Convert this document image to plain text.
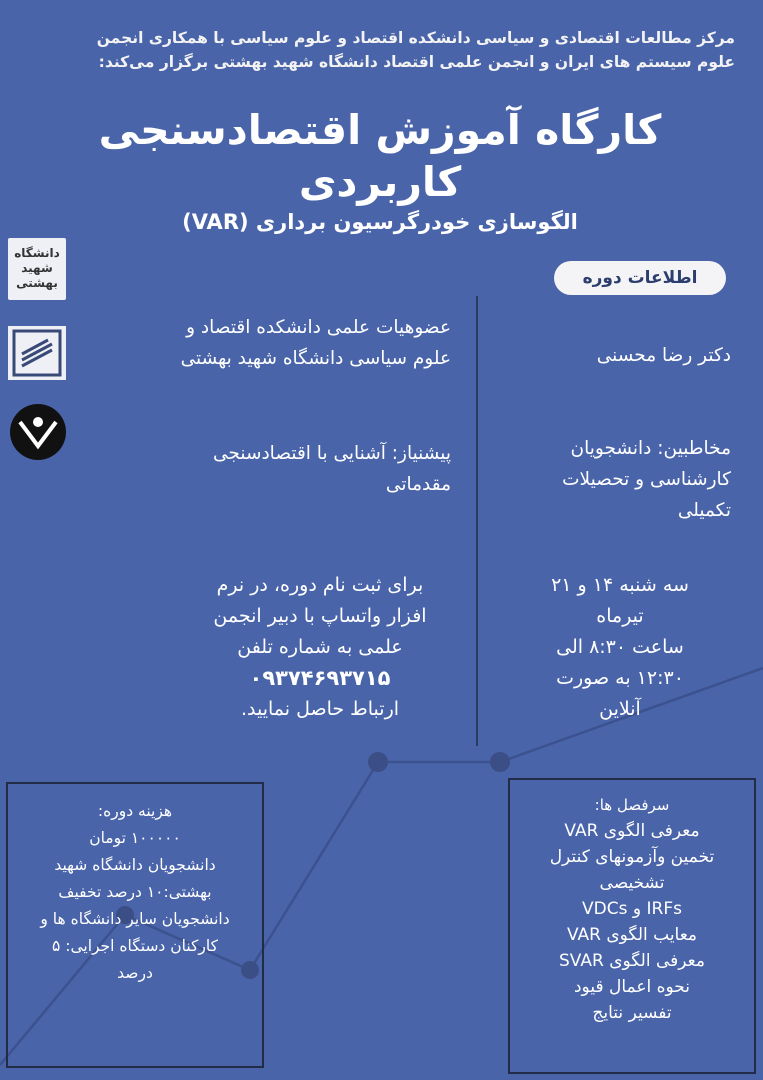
مرکز مطالعات اقتصادی و سیاسی دانشکده اقتصاد و علوم سیاسی با همکاری انجمن
علوم سیستم های ایران و انجمن علمی اقتصاد دانشگاه شهید بهشتی برگزار می‌کند:
کارگاه آموزش اقتصادسنجی
کاربردی
الگوسازی خودرگرسیون برداری (VAR)
اطلاعات دوره
دانشگاه شهید بهشتی
دکتر رضا محسنی
عضوهیات علمی دانشکده اقتصاد و
علوم سیاسی دانشگاه شهید بهشتی
مخاطبین: دانشجویان
کارشناسی و تحصیلات
تکمیلی
پیشنیاز: آشنایی با اقتصادسنجی
مقدماتی
سه شنبه ۱۴ و ۲۱
تیرماه
ساعت ۸:۳۰ الی
۱۲:۳۰ به صورت
آنلاین
برای ثبت نام دوره، در نرم
افزار واتساپ با دبیر انجمن
علمی به شماره تلفن
۰۹۳۷۴۶۹۳۷۱۵
ارتباط حاصل نمایید.
هزینه دوره:
۱۰۰۰۰۰ تومان
دانشجویان دانشگاه شهید
بهشتی:۱۰ درصد تخفیف
دانشجویان سایر دانشگاه ها و
کارکنان دستگاه اجرایی: ۵
درصد
سرفصل ها:
معرفی الگوی VAR
تخمین وآزمونهای کنترل
تشخیصی
IRFs و VDCs
معایب الگوی VAR
معرفی الگوی SVAR
نحوه اعمال قیود
تفسیر نتایج
